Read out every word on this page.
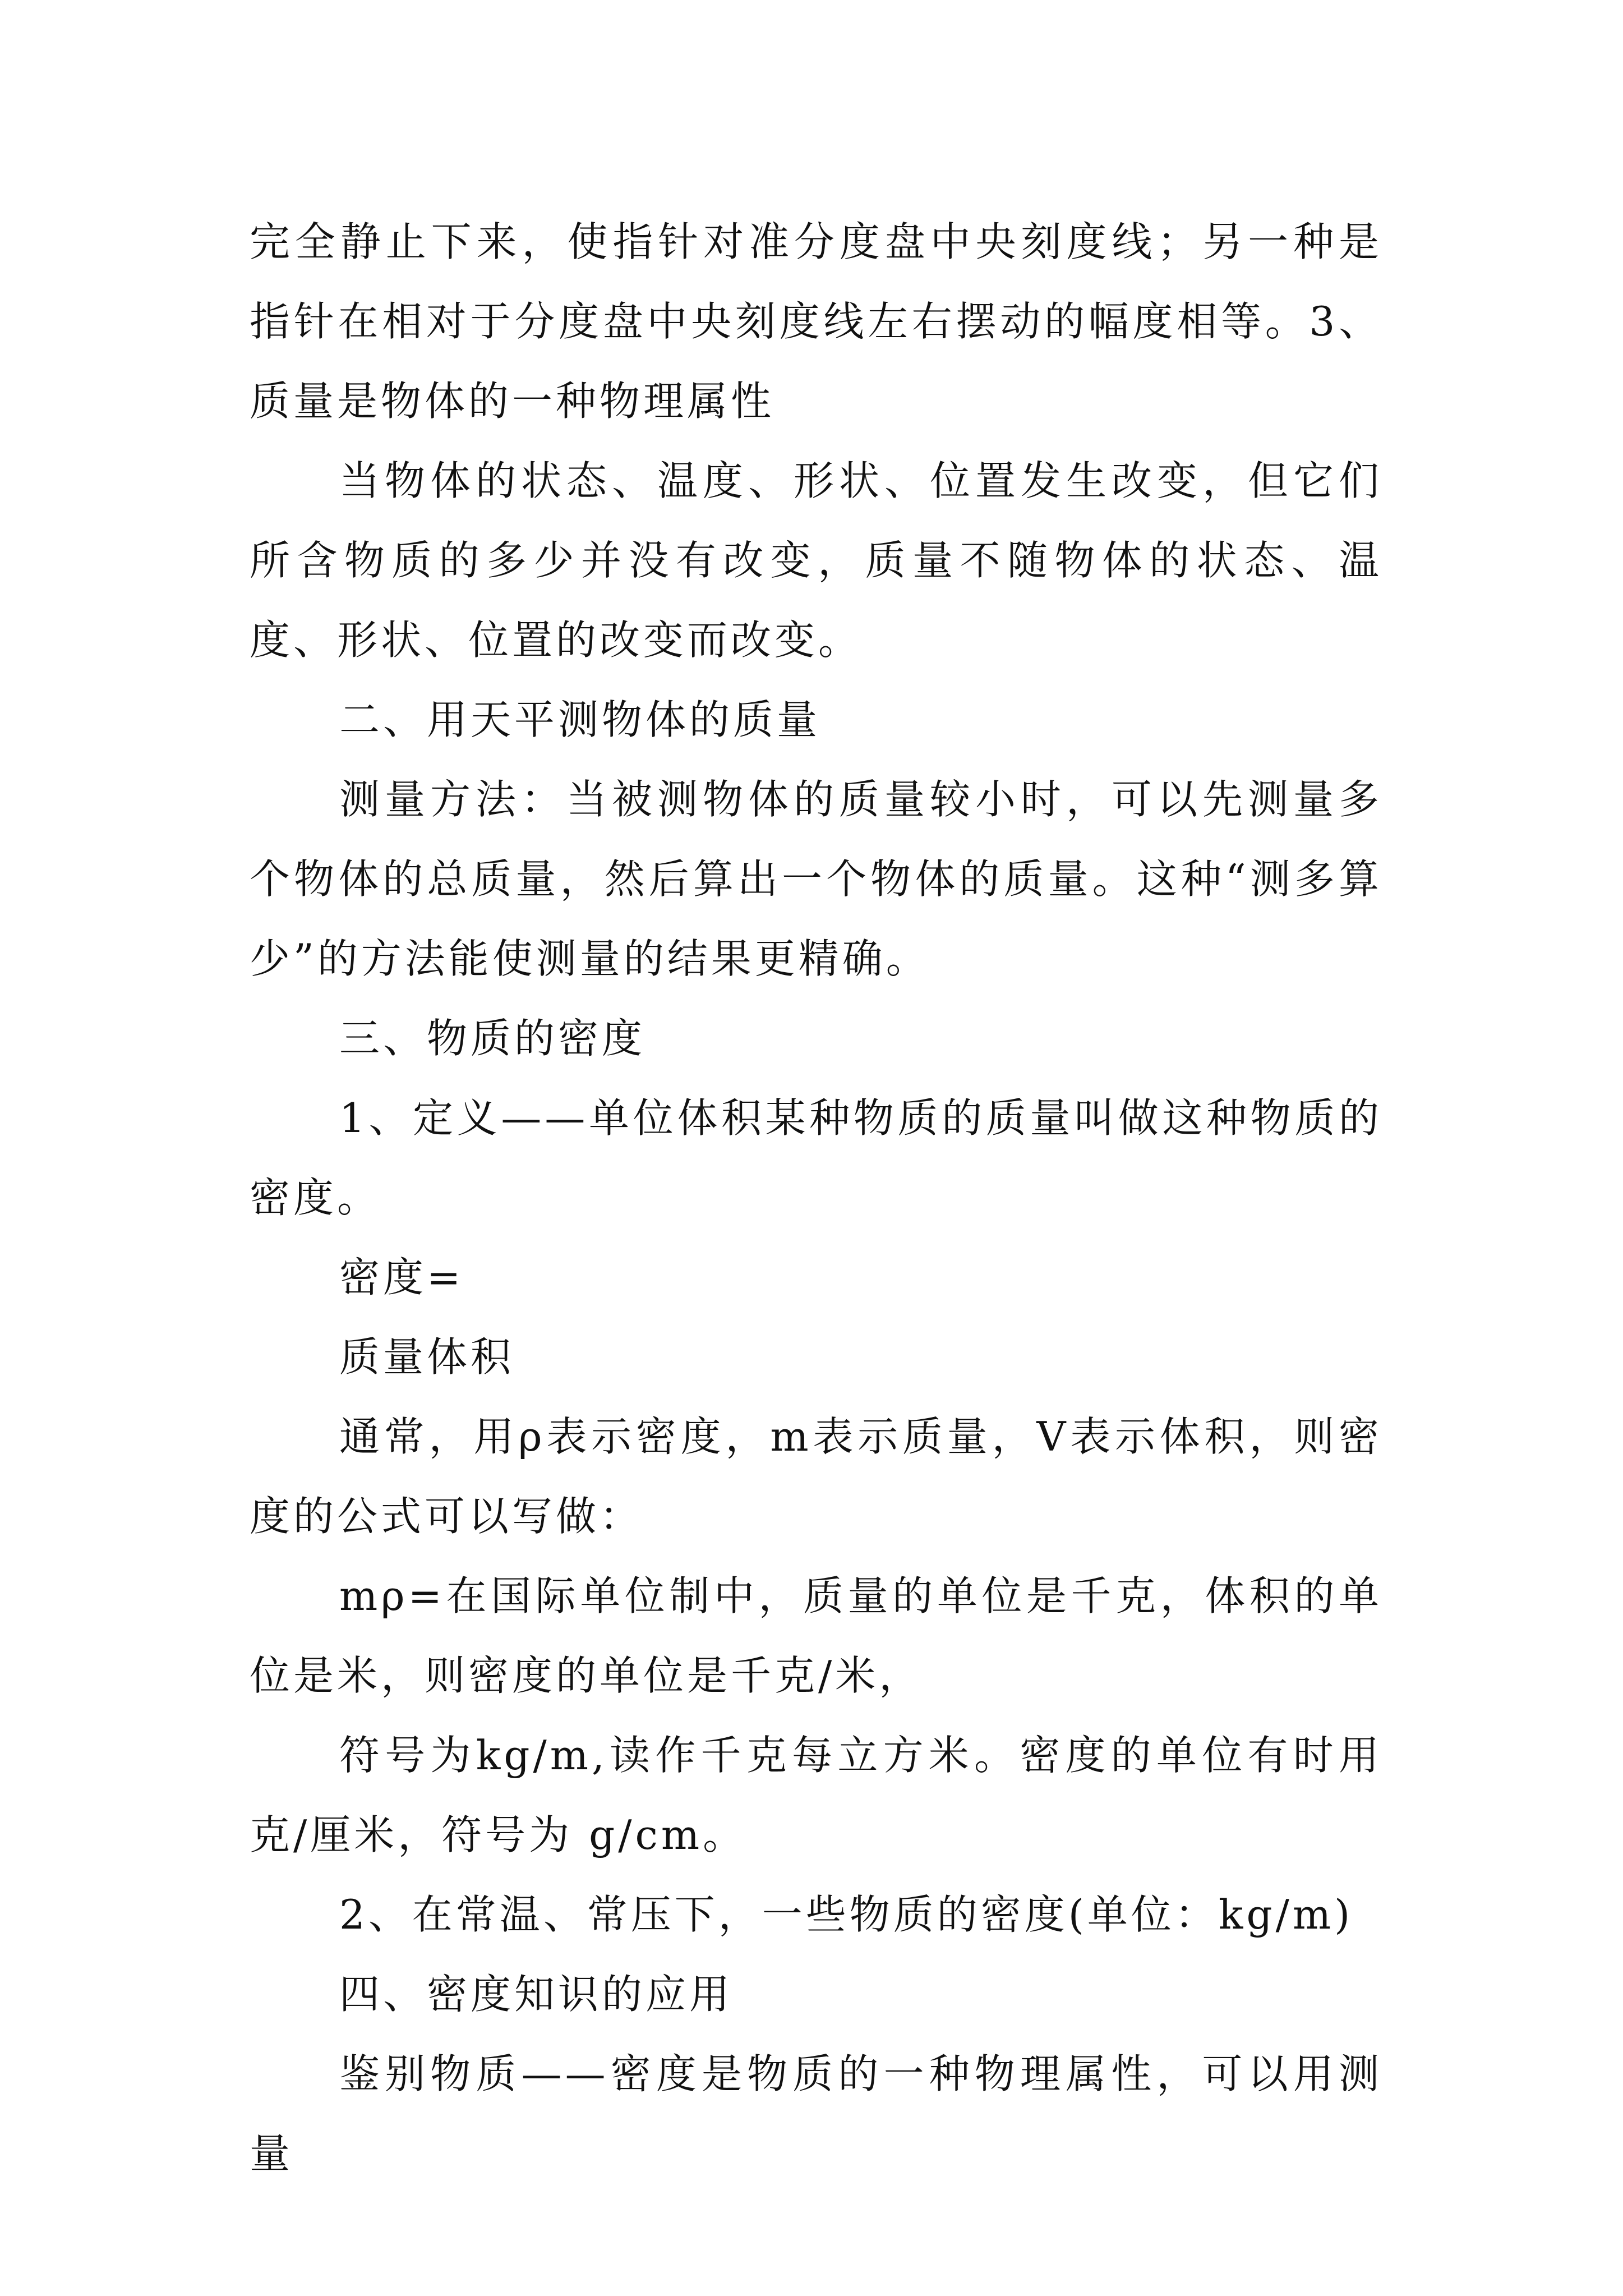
完全静止下来，使指针对准分度盘中央刻度线；另一种是指针在相对于分度盘中央刻度线左右摆动的幅度相等。3、质量是物体的一种物理属性

当物体的状态、温度、形状、位置发生改变，但它们所含物质的多少并没有改变，质量不随物体的状态、温度、形状、位置的改变而改变。

二、用天平测物体的质量

测量方法：当被测物体的质量较小时，可以先测量多个物体的总质量，然后算出一个物体的质量。这种“测多算少”的方法能使测量的结果更精确。

三、物质的密度

1、定义——单位体积某种物质的质量叫做这种物质的密度。

密度=

质量体积

通常，用ρ表示密度，m表示质量，V表示体积，则密度的公式可以写做：

mρ=在国际单位制中，质量的单位是千克，体积的单位是米，则密度的单位是千克/米，

符号为kg/m,读作千克每立方米。密度的单位有时用克/厘米，符号为 g/cm。

2、在常温、常压下，一些物质的密度(单位：kg/m)

四、密度知识的应用

鉴别物质——密度是物质的一种物理属性，可以用测量
